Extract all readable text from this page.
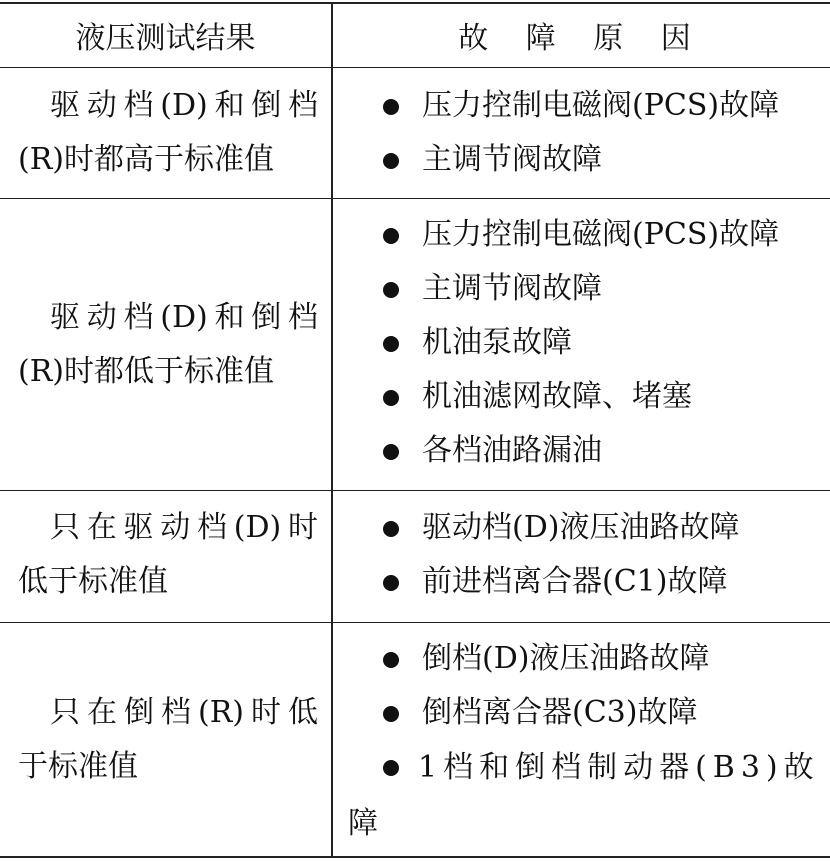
液压测试结果	故 障 原 因
驱动档(D)和倒档
(R)时都高于标准值
压力控制电磁阀(PCS)故障
主调节阀故障
驱动档(D)和倒档
(R)时都低于标准值
压力控制电磁阀(PCS)故障
主调节阀故障
机油泵故障
机油滤网故障、堵塞
各档油路漏油
只在驱动档(D)时
低于标准值
驱动档(D)液压油路故障
前进档离合器(C1)故障
只在倒档(R)时低
于标准值
倒档(D)液压油路故障
倒档离合器(C3)故障
1档和倒档制动器(B3)故障
